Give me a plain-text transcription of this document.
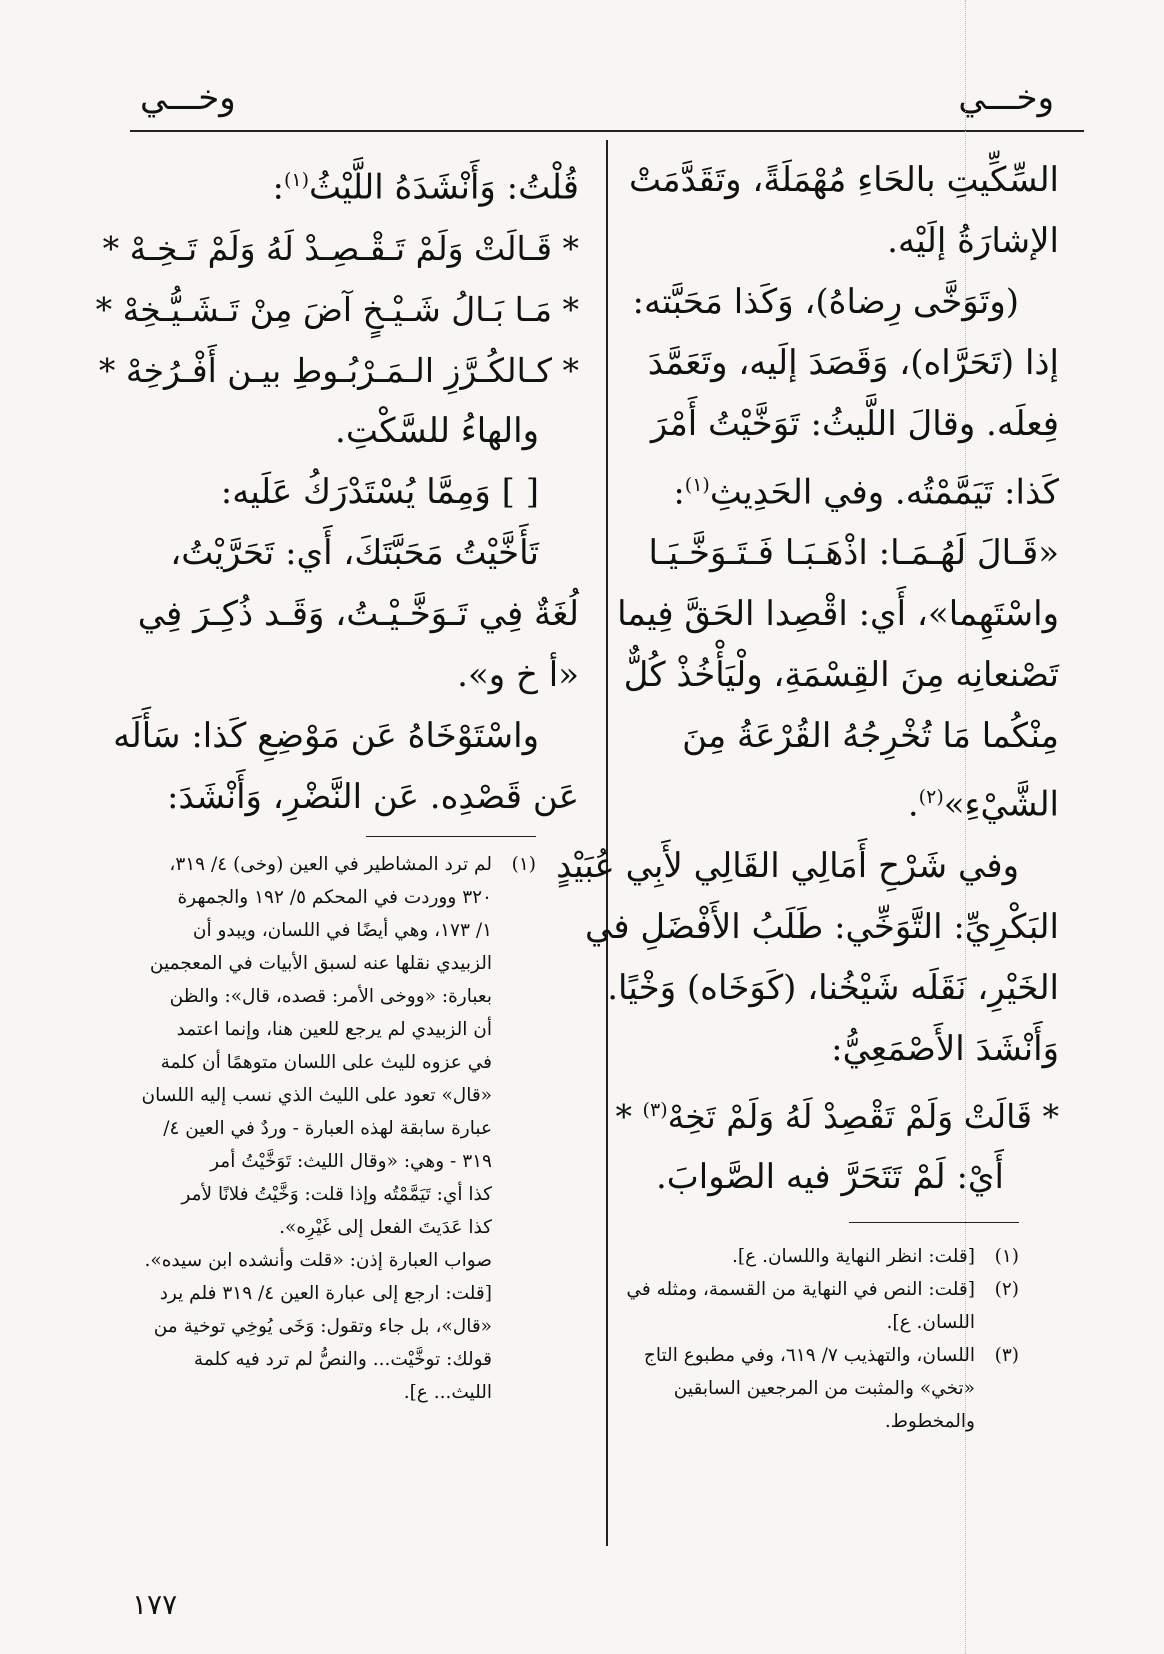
وخـــي
وخـــي
السِّكِّيتِ بالحَاءِ مُهْمَلَةً، وتَقَدَّمَتْ
الإشارَةُ إلَيْه.
(وتَوَخَّى رِضاهُ)، وَكَذا مَحَبَّته:
إذا (تَحَرَّاه)، وَقَصَدَ إلَيه، وتَعَمَّدَ
فِعلَه. وقالَ اللَّيثُ: تَوَخَّيْتُ أَمْرَ
كَذا: تَيَمَّمْتُه. وفي الحَدِيثِ$^{(١)}$:
«قَـالَ لَهُـمَـا: اذْهَـبَـا فَـتَـوَخَّـيَـا
واسْتَهِما»، أَي: اقْصِدا الحَقَّ فِيما
تَصْنعانِه مِنَ القِسْمَةِ، ولْيَأْخُذْ كُلٌّ
مِنْكُما مَا تُخْرِجُهُ القُرْعَةُ مِنَ
الشَّيْءِ»$^{(٢)}$.
وفي شَرْحِ أَمَالِي القَالِي لأَبِي عُبَيْدٍ
البَكْرِيِّ: التَّوَخِّي: طَلَبُ الأَفْضَلِ في
الخَيْرِ، نَقَلَه شَيْخُنا، (كَوَخَاه) وَخْيًا.
وَأَنْشَدَ الأَصْمَعِيُّ:
* قَالَتْ وَلَمْ تَقْصِدْ لَهُ وَلَمْ تَخِهْ$^{(٣)}$ *
أَيْ: لَمْ تَتَحَرَّ فيه الصَّوابَ.
قُلْتُ: وَأَنْشَدَهُ اللَّيْثُ$^{(١)}$:
* قَـالَتْ وَلَمْ تَـقْـصِـدْ لَهُ وَلَمْ تَـخِـهْ *
* مَـا بَـالُ شَـيْـخٍ آضَ مِنْ تَـشَـيُّـخِهْ *
* كـالكُـرَّزِ الـمَـرْبُـوطِ بيـن أَفْـرُخِهْ *
والهاءُ للسَّكْتِ.
[ ] وَمِمَّا يُسْتَدْرَكُ عَلَيه:
تَأَخَّيْتُ مَحَبَّتَكَ، أَي: تَحَرَّيْتُ،
لُغَةٌ فِي تَـوَخَّـيْـتُ، وَقَـد ذُكِـرَ فِي
«أ خ و».
واسْتَوْخَاهُ عَن مَوْضِعِ كَذا: سَأَلَه
عَن قَصْدِه. عَن النَّضْرِ، وَأَنْشَدَ:
(١)
[قلت: انظر النهاية واللسان. ع].
(٢)
[قلت: النص في النهاية من القسمة، ومثله في
اللسان. ع].
(٣)
اللسان، والتهذيب ٧/ ٦١٩، وفي مطبوع التاج
«تخي» والمثبت من المرجعين السابقين
والمخطوط.
(١)
لم ترد المشاطير في العين (وخى) ٤/ ٣١٩،
٣٢٠ ووردت في المحكم ٥/ ١٩٢ والجمهرة
١/ ١٧٣، وهي أيضًا في اللسان، ويبدو أن
الزبيدي نقلها عنه لسبق الأبيات في المعجمين
بعبارة: «ووخى الأمر: قصده، قال»: والظن
أن الزبيدي لم يرجع للعين هنا، وإنما اعتمد
في عزوه لليث على اللسان متوهمًا أن كلمة
«قال» تعود على الليث الذي نسب إليه اللسان
عبارة سابقة لهذه العبارة - وردٌ في العين ٤/
٣١٩ - وهي: «وقال الليث: تَوَخَّيْتُ أمر
كذا أي: تَيَمَّمْتُه وإذا قلت: وَخَّيْتُ فلانًا لأمر
كذا عَدَيتَ الفعل إلى غَيْرِه».
صواب العبارة إذن: «قلت وأنشده ابن سيده».
[قلت: ارجع إلى عبارة العين ٤/ ٣١٩ فلم يرد
«قال»، بل جاء وتقول: وَخَى يُوخِي توخية من
قولك: توخَّيْت... والنصُّ لم ترد فيه كلمة
الليث... ع].
١٧٧
